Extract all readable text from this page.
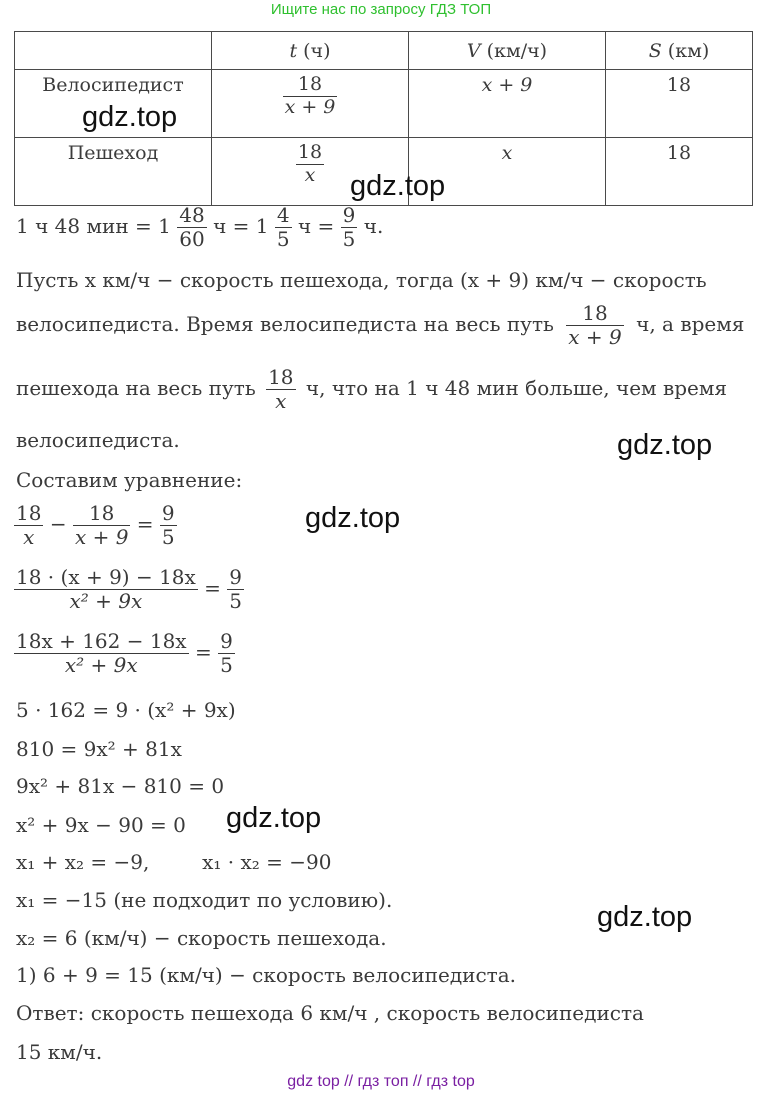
Ищите нас по запросу ГДЗ ТОП
	t (ч)	V (км/ч)	S (км)
Велосипедист	$\frac{18}{x + 9}$	x + 9	18
Пешеход	$\frac{18}{x}$	x	18
1 ч 48 мин = $1 \frac{48}{60}$ $ч = 1 \frac{4}{5}$ $ч = \frac{9}{5} ч$.
Пусть x км/ч − скорость пешехода, тогда (x + 9) км/ч − скорость
велосипедиста. Время велосипедиста на весь путь $\frac{18}{x + 9} ч$, а время
пешехода на весь путь $\frac{18}{x} ч$, что на 1 ч 48 мин больше, чем время
велосипедиста.
Составим уравнение:
$\frac{18}{x} - \frac{18}{x + 9} = \frac{9}{5}$
$\frac{18 \cdot (x + 9) - 18x}{\text{x² + 9x}} = \frac{9}{5}$
$\frac{18x + 162 - 18x}{\text{x² + 9x}} = \frac{9}{5}$
5 · 162 = 9 · (x² + 9x)
810 = 9x² + 81x
9x² + 81x − 810 = 0
x² + 9x − 90 = 0
x₁ + x₂ = −9,	x₁ · x₂ = −90
x₁ = −15 (не подходит по условию).
x₂ = 6 (км/ч) − скорость пешехода.
1) 6 + 9 = 15 (км/ч) − скорость велосипедиста.
Ответ: скорость пешехода 6 км/ч , скорость велосипедиста
15 км/ч.
gdz.top
gdz.top
gdz.top
gdz.top
gdz.top
gdz.top
gdz top // гдз топ // гдз top
